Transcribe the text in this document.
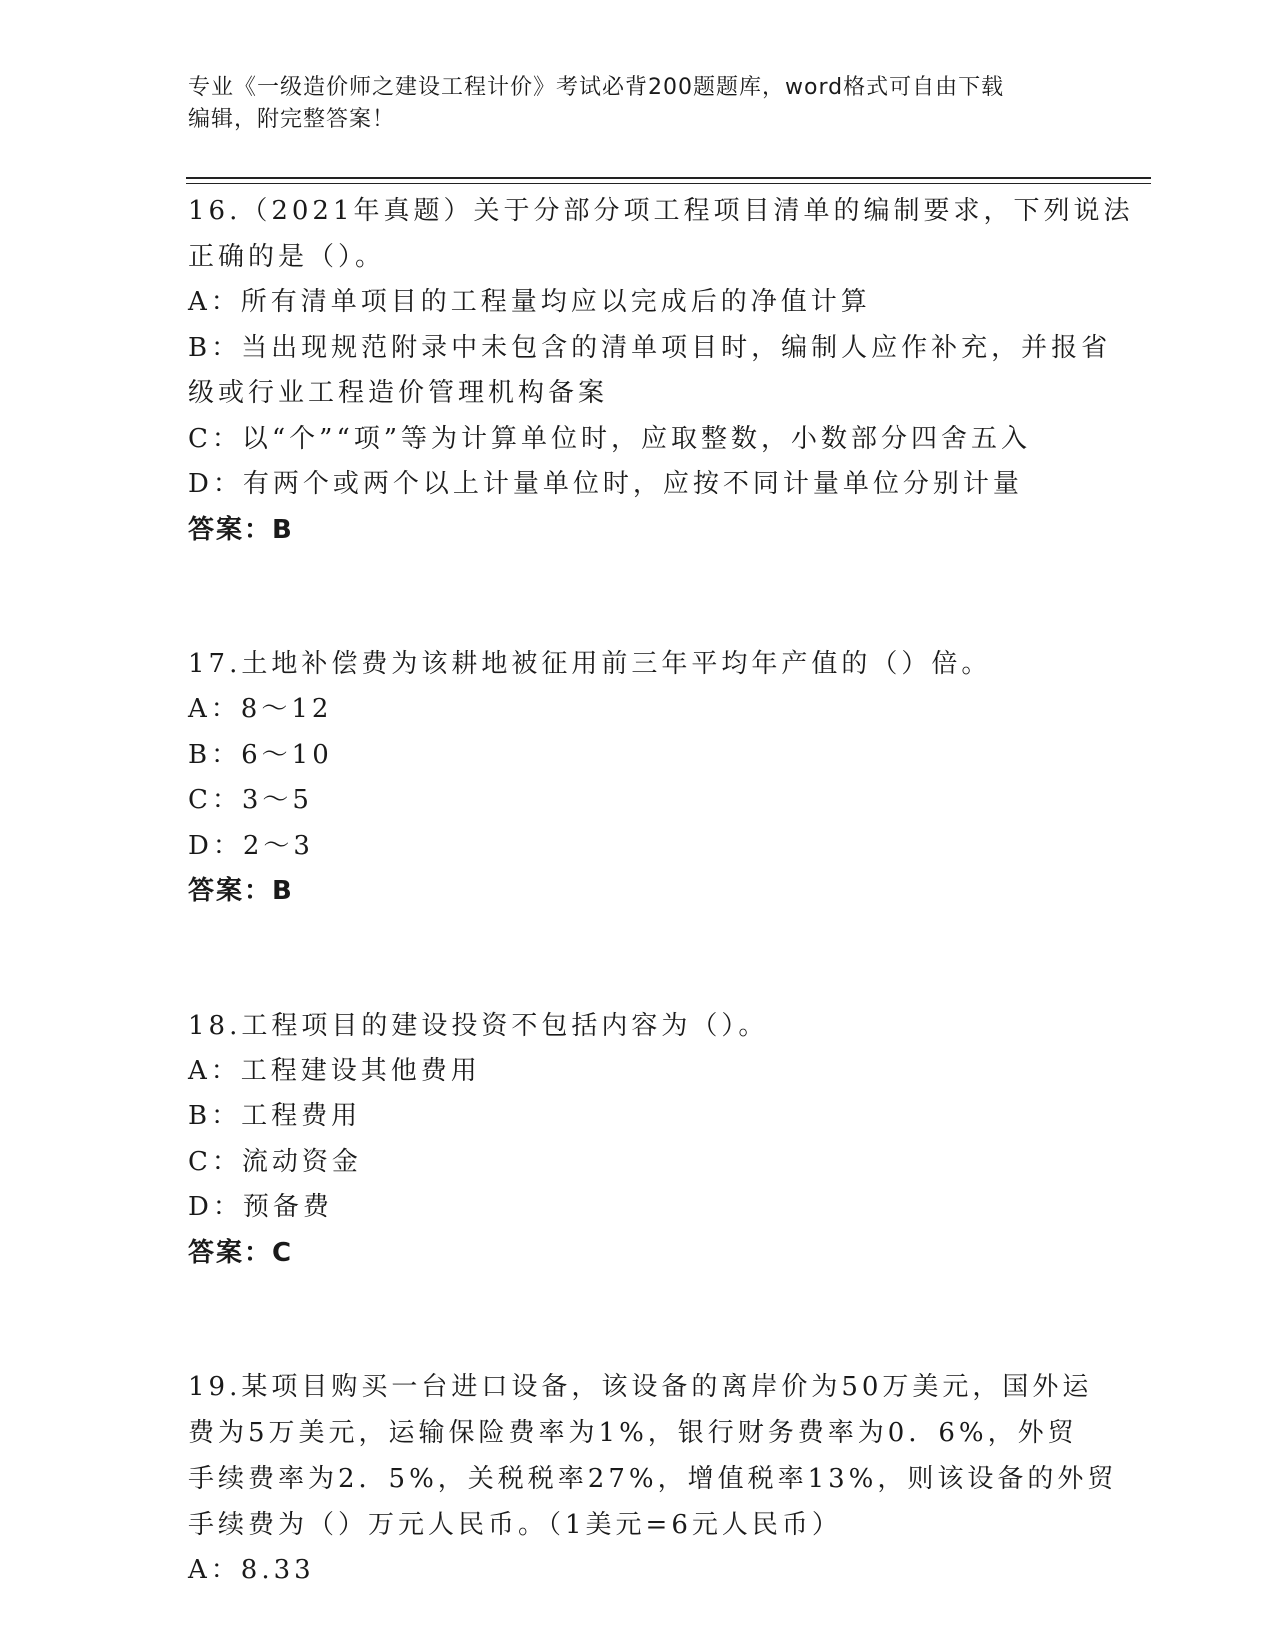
专业《一级造价师之建设工程计价》考试必背200题题库，word格式可自由下载
编辑，附完整答案！
16.（2021年真题）关于分部分项工程项目清单的编制要求，下列说法
正确的是（）。
A：所有清单项目的工程量均应以完成后的净值计算
B：当出现规范附录中未包含的清单项目时，编制人应作补充，并报省
级或行业工程造价管理机构备案
C：以“个”“项”等为计算单位时，应取整数，小数部分四舍五入
D：有两个或两个以上计量单位时，应按不同计量单位分别计量
答案：B
17.土地补偿费为该耕地被征用前三年平均年产值的（）倍。
A：8～12
B：6～10
C：3～5
D：2～3
答案：B
18.工程项目的建设投资不包括内容为（）。
A：工程建设其他费用
B：工程费用
C：流动资金
D：预备费
答案：C
19.某项目购买一台进口设备，该设备的离岸价为50万美元，国外运
费为5万美元，运输保险费率为1%，银行财务费率为0．6%，外贸
手续费率为2．5%，关税税率27%，增值税率13%，则该设备的外贸
手续费为（）万元人民币。（1美元=6元人民币）
A：8.33
